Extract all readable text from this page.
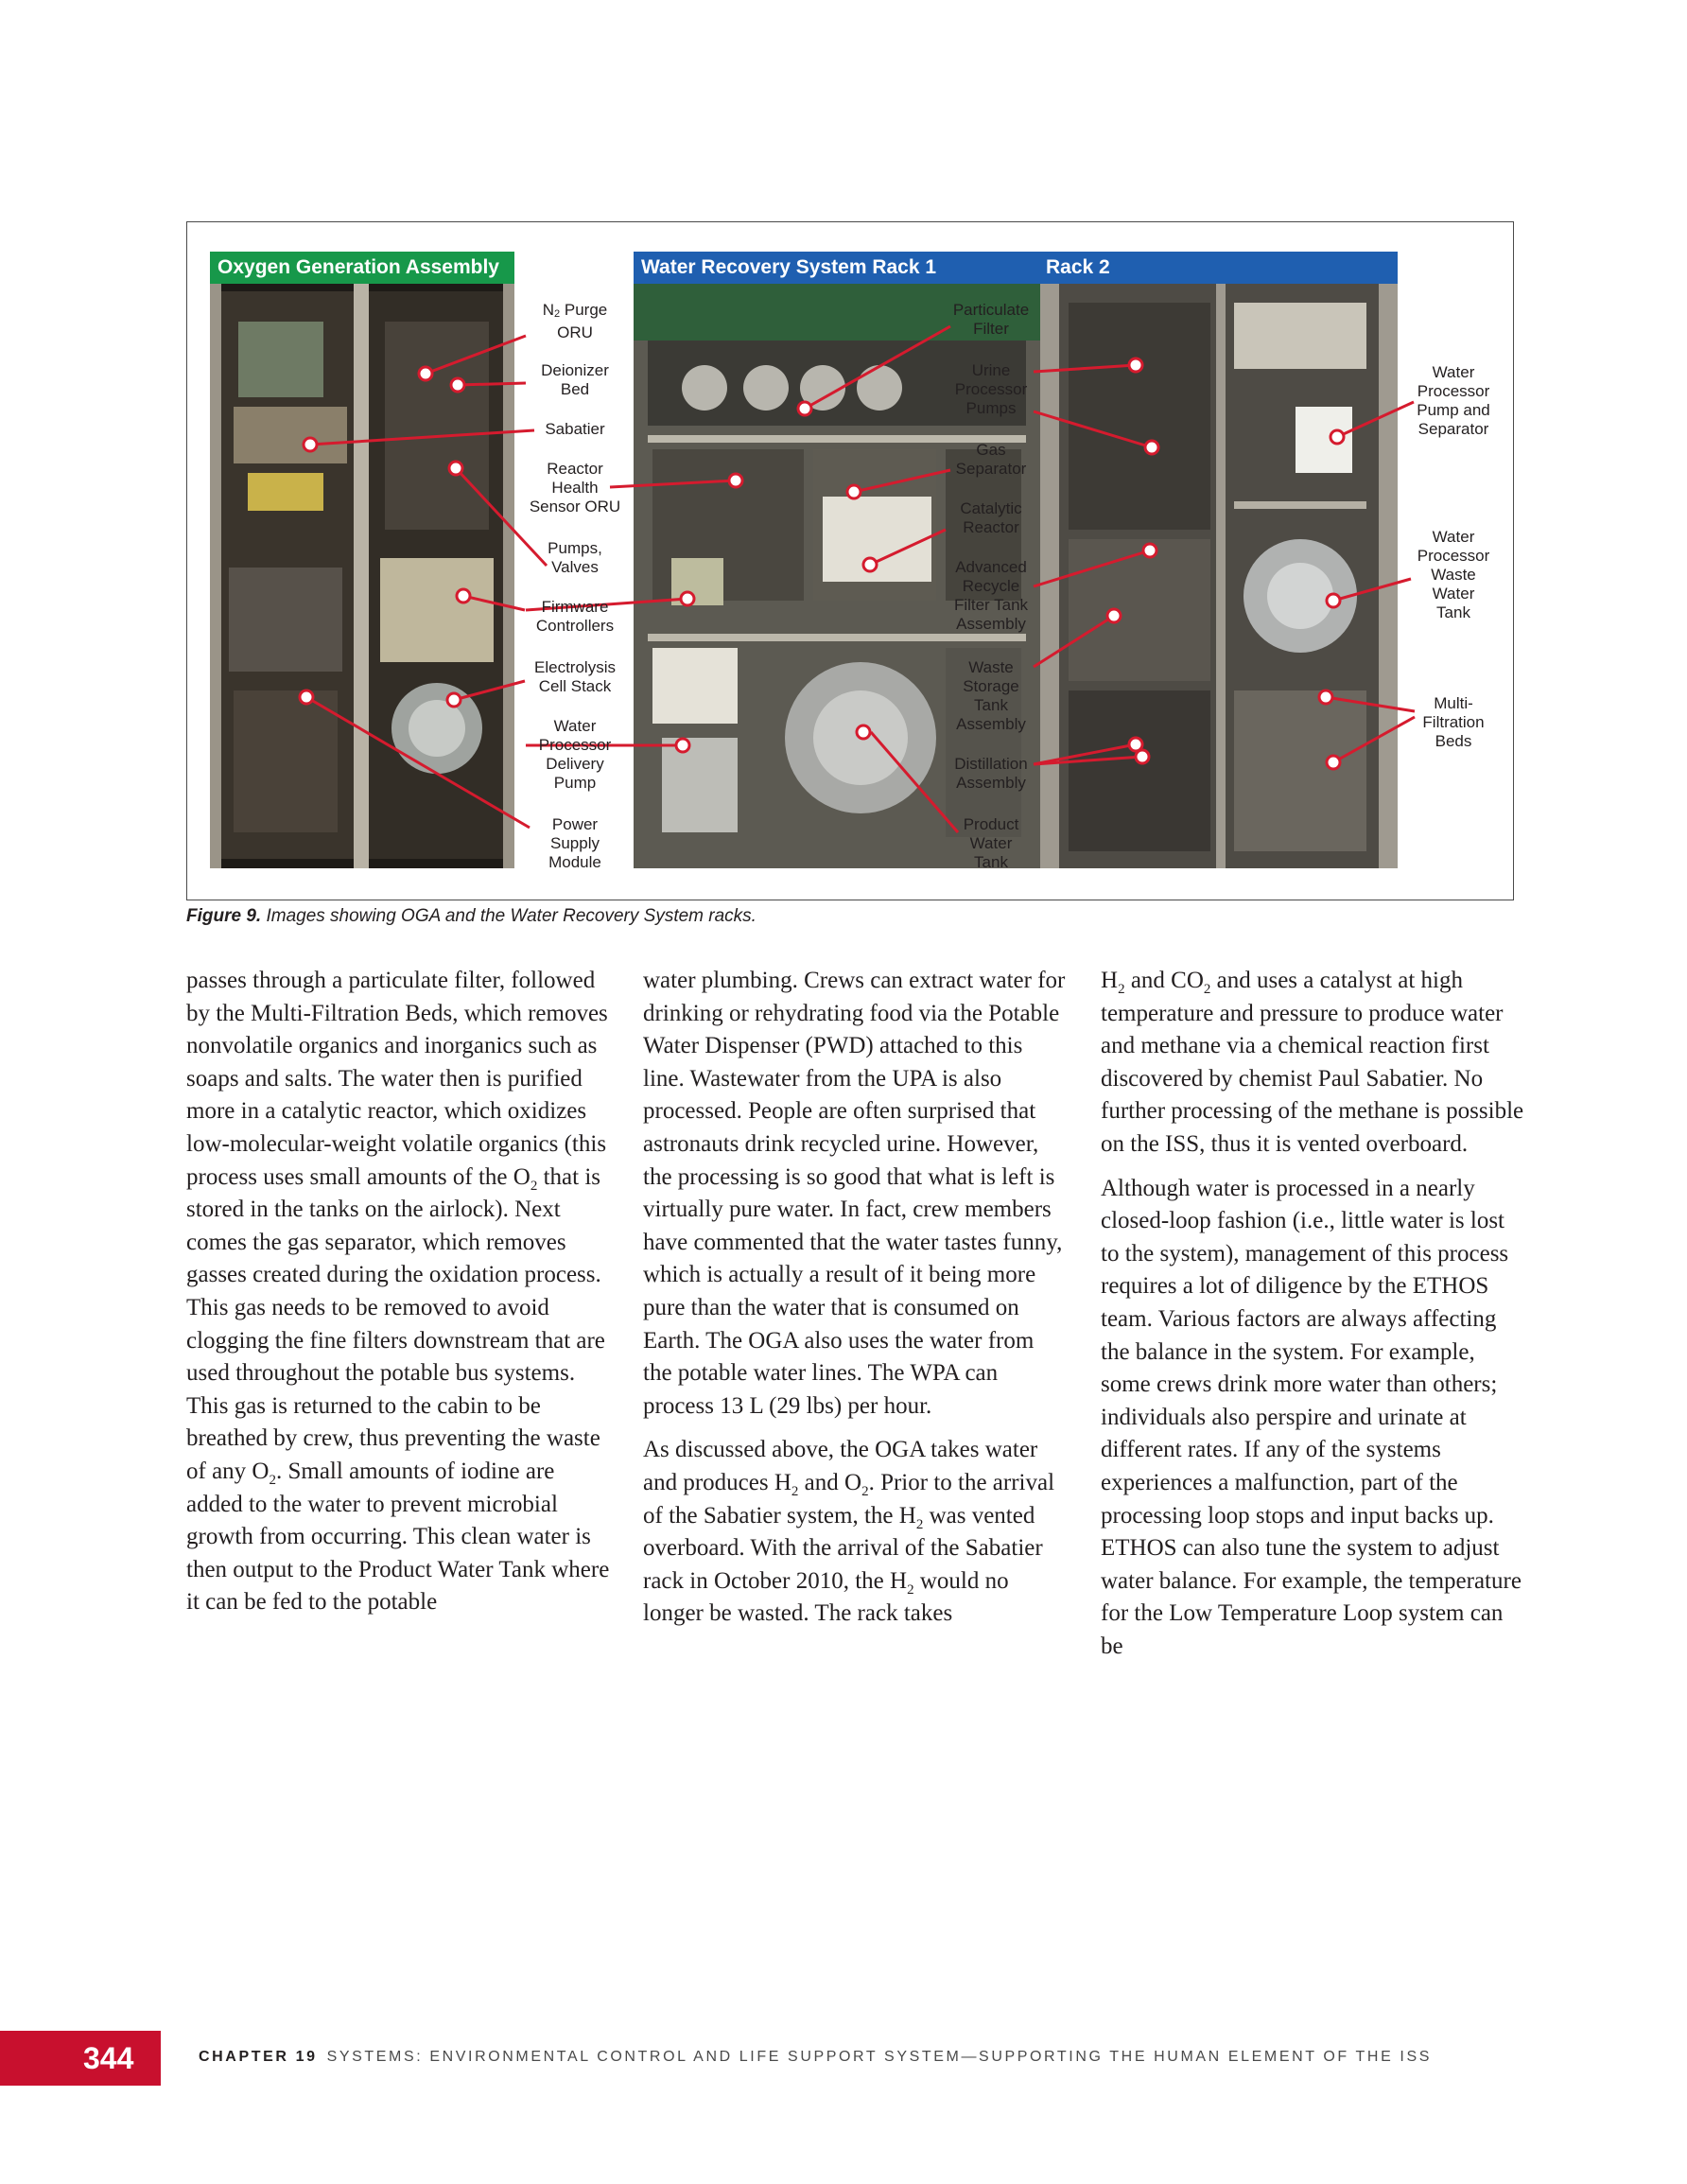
Oxygen Generation Assembly	Water Recovery System Rack 1	Rack 2
$N_2$ Purge
ORU
Deionizer
Bed
Sabatier
Reactor
Health
Sensor ORU
Pumps,
Valves
Firmware
Controllers
Electrolysis
Cell Stack
Water
Processor
Delivery
Pump
Power
Supply
Module
Particulate
Filter
Urine
Processor
Pumps
Gas
Separator
Catalytic
Reactor
Advanced
Recycle
Filter Tank
Assembly
Waste
Storage
Tank
Assembly
Distillation
Assembly
Product
Water
Tank
Water
Processor
Pump and
Separator
Water
Processor
Waste
Water
Tank
Multi-
Filtration
Beds
Figure 9. Images showing OGA and the Water Recovery System racks.

passes through a particulate filter, followed by the Multi-Filtration Beds, which removes nonvolatile organics and inorganics such as soaps and salts. The water then is purified more in a catalytic reactor, which oxidizes low-molecular-weight volatile organics (this process uses small amounts of the $O_2$ that is stored in the tanks on the airlock). Next comes the gas separator, which removes gasses created during the oxidation process. This gas needs to be removed to avoid clogging the fine filters downstream that are used throughout the potable bus systems. This gas is returned to the cabin to be breathed by crew, thus preventing the waste of any $O_2$. Small amounts of iodine are added to the water to prevent microbial growth from occurring. This clean water is then output to the Product Water Tank where it can be fed to the potable

water plumbing. Crews can extract water for drinking or rehydrating food via the Potable Water Dispenser (PWD) attached to this line. Wastewater from the UPA is also processed. People are often surprised that astronauts drink recycled urine. However, the processing is so good that what is left is virtually pure water. In fact, crew members have commented that the water tastes funny, which is actually a result of it being more pure than the water that is consumed on Earth. The OGA also uses the water from the potable water lines. The WPA can process 13 L (29 lbs) per hour.

As discussed above, the OGA takes water and produces $H_2$ and $O_2$. Prior to the arrival of the Sabatier system, the $H_2$ was vented overboard. With the arrival of the Sabatier rack in October 2010, the $H_2$ would no longer be wasted. The rack takes

$H_2$ and $CO_2$ and uses a catalyst at high temperature and pressure to produce water and methane via a chemical reaction first discovered by chemist Paul Sabatier. No further processing of the methane is possible on the ISS, thus it is vented overboard.

Although water is processed in a nearly closed-loop fashion (i.e., little water is lost to the system), management of this process requires a lot of diligence by the ETHOS team. Various factors are always affecting the balance in the system. For example, some crews drink more water than others; individuals also perspire and urinate at different rates. If any of the systems experiences a malfunction, part of the processing loop stops and input backs up. ETHOS can also tune the system to adjust water balance. For example, the temperature for the Low Temperature Loop system can be

344	CHAPTER 19 SYSTEMS: ENVIRONMENTAL CONTROL AND LIFE SUPPORT SYSTEM—SUPPORTING THE HUMAN ELEMENT OF THE ISS
